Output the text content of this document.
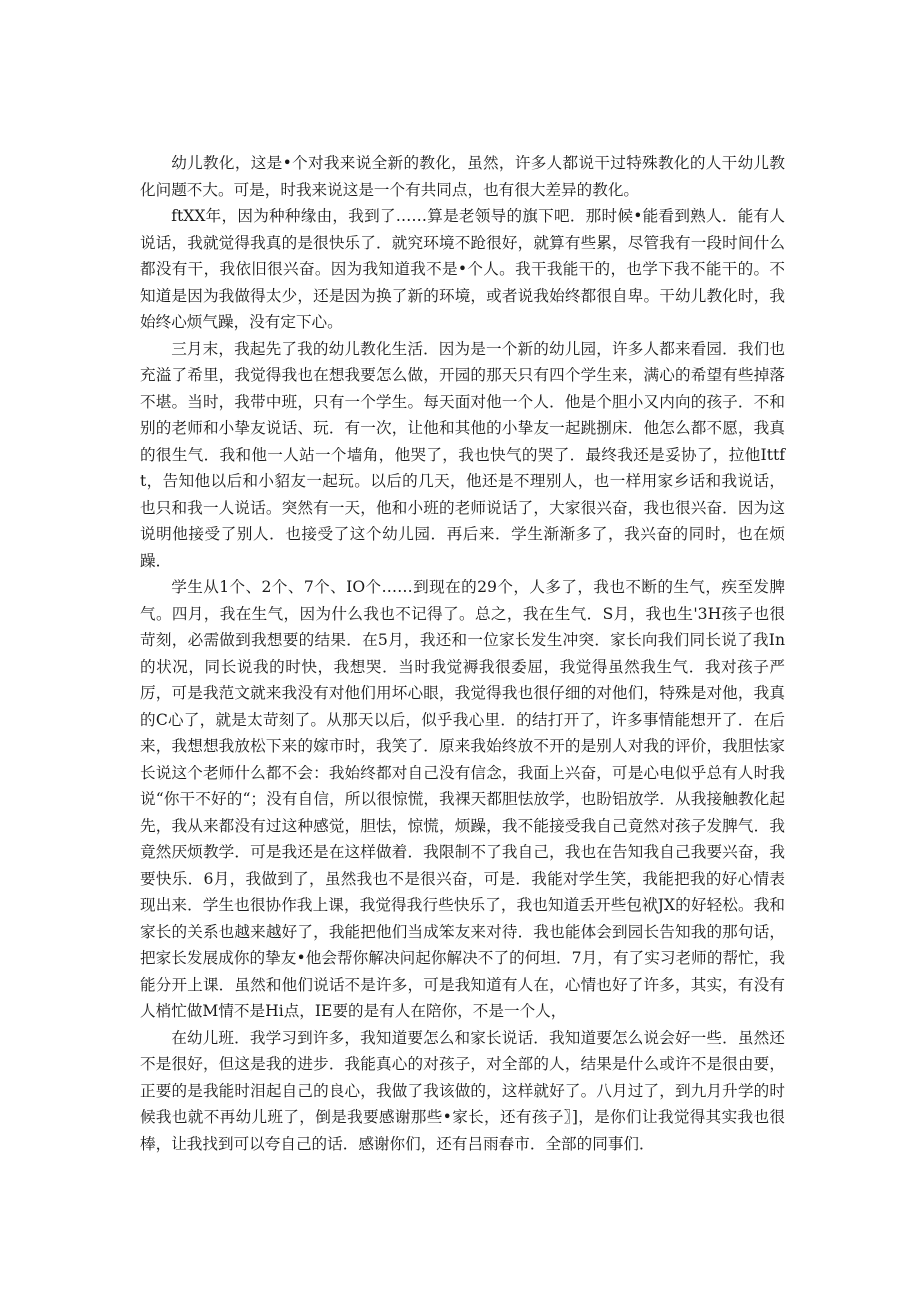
幼儿教化，这是•个对我来说全新的教化，虽然，许多人都说干过特殊教化的人干幼儿教化问题不大。可是，时我来说这是一个有共同点，也有很大差异的教化。

ftXX年，因为种种缘由，我到了……算是老领导的旗下吧．那时候•能看到熟人．能有人说话，我就觉得我真的是很快乐了．就究环境不跄很好，就算有些累，尽管我有一段时间什么都没有干，我依旧很兴奋。因为我知道我不是•个人。我干我能干的，也学下我不能干的。不知道是因为我做得太少，还是因为换了新的环境，或者说我始终都很自卑。干幼儿教化时，我始终心烦气躁，没有定下心。

三月末，我起先了我的幼儿教化生活．因为是一个新的幼儿园，许多人都来看园．我们也充溢了希里，我觉得我也在想我要怎么做，开园的那天只有四个学生来，满心的希望有些掉落不堪。当时，我带中班，只有一个学生。每天面对他一个人．他是个胆小又内向的孩子．不和别的老师和小挚友说话、玩．有一次，让他和其他的小挚友一起跳捌床．他怎么都不愿，我真的很生气．我和他一人站一个墙角，他哭了，我也快气的哭了．最终我还是妥协了，拉他Ittft，告知他以后和小貂友一起玩。以后的几天，他还是不理别人，也一样用家乡话和我说话，也只和我一人说话。突然有一天，他和小班的老师说话了，大家很兴奋，我也很兴奋．因为这说明他接受了别人．也接受了这个幼儿园．再后来．学生渐渐多了，我兴奋的同时，也在烦躁．

学生从1个、2个、7个、IO个……到现在的29个，人多了，我也不断的生气，疾至发脾气。四月，我在生气，因为什么我也不记得了。总之，我在生气．S月，我也生'3H孩子也很苛刻，必需做到我想要的结果．在5月，我还和一位家长发生冲突．家长向我们同长说了我In的状况，同长说我的时快，我想哭．当时我觉褥我很委屈，我觉得虽然我生气．我对孩子严厉，可是我范文就来我没有对他们用坏心眼，我觉得我也很仔细的对他们，特殊是对他，我真的C心了，就是太苛刻了。从那天以后，似乎我心里．的结打开了，许多事情能想开了．在后来，我想想我放松下来的嫁市时，我笑了．原来我始终放不开的是别人对我的评价，我胆怯家长说这个老师什么都不会：我始终都对自己没有信念，我面上兴奋，可是心电似乎总有人时我说“你干不好的“；没有自信，所以很惊慌，我裸天都胆怯放学，也盼铝放学．从我接触教化起先，我从来都没有过这种感觉，胆怯，惊慌，烦躁，我不能接受我自己竟然对孩子发脾气．我竟然厌烦教学．可是我还是在这样做着．我限制不了我自己，我也在告知我自己我要兴奋，我要快乐．6月，我做到了，虽然我也不是很兴奋，可是．我能对学生笑，我能把我的好心情表现出来．学生也很协作我上课，我觉得我行些快乐了，我也知道丢开些包袱JX的好轻松。我和家长的关系也越来越好了，我能把他们当成笨友来对待．我也能体会到园长告知我的那句话，把家长发展成你的挚友•他会帮你解决问起你解决不了的何坦．7月，有了实习老师的帮忙，我能分开上课．虽然和他们说话不是许多，可是我知道有人在，心情也好了许多，其实，有没有人梢忙做M情不是Hi点，IE要的是有人在陪你，不是一个人，

在幼儿班．我学习到许多，我知道要怎么和家长说话．我知道要怎么说会好一些．虽然还不是很好，但这是我的进步．我能真心的对孩子，对全部的人，结果是什么或许不是很由要，正要的是我能时泪起自己的良心，我做了我该做的，这样就好了。八月过了，到九月升学的时候我也就不再幼儿班了，倒是我要感谢那些•家长，还有孩子〗]，是你们让我觉得其实我也很棒，让我找到可以夸自己的话．感谢你们，还有吕雨春市．全部的同事们．
